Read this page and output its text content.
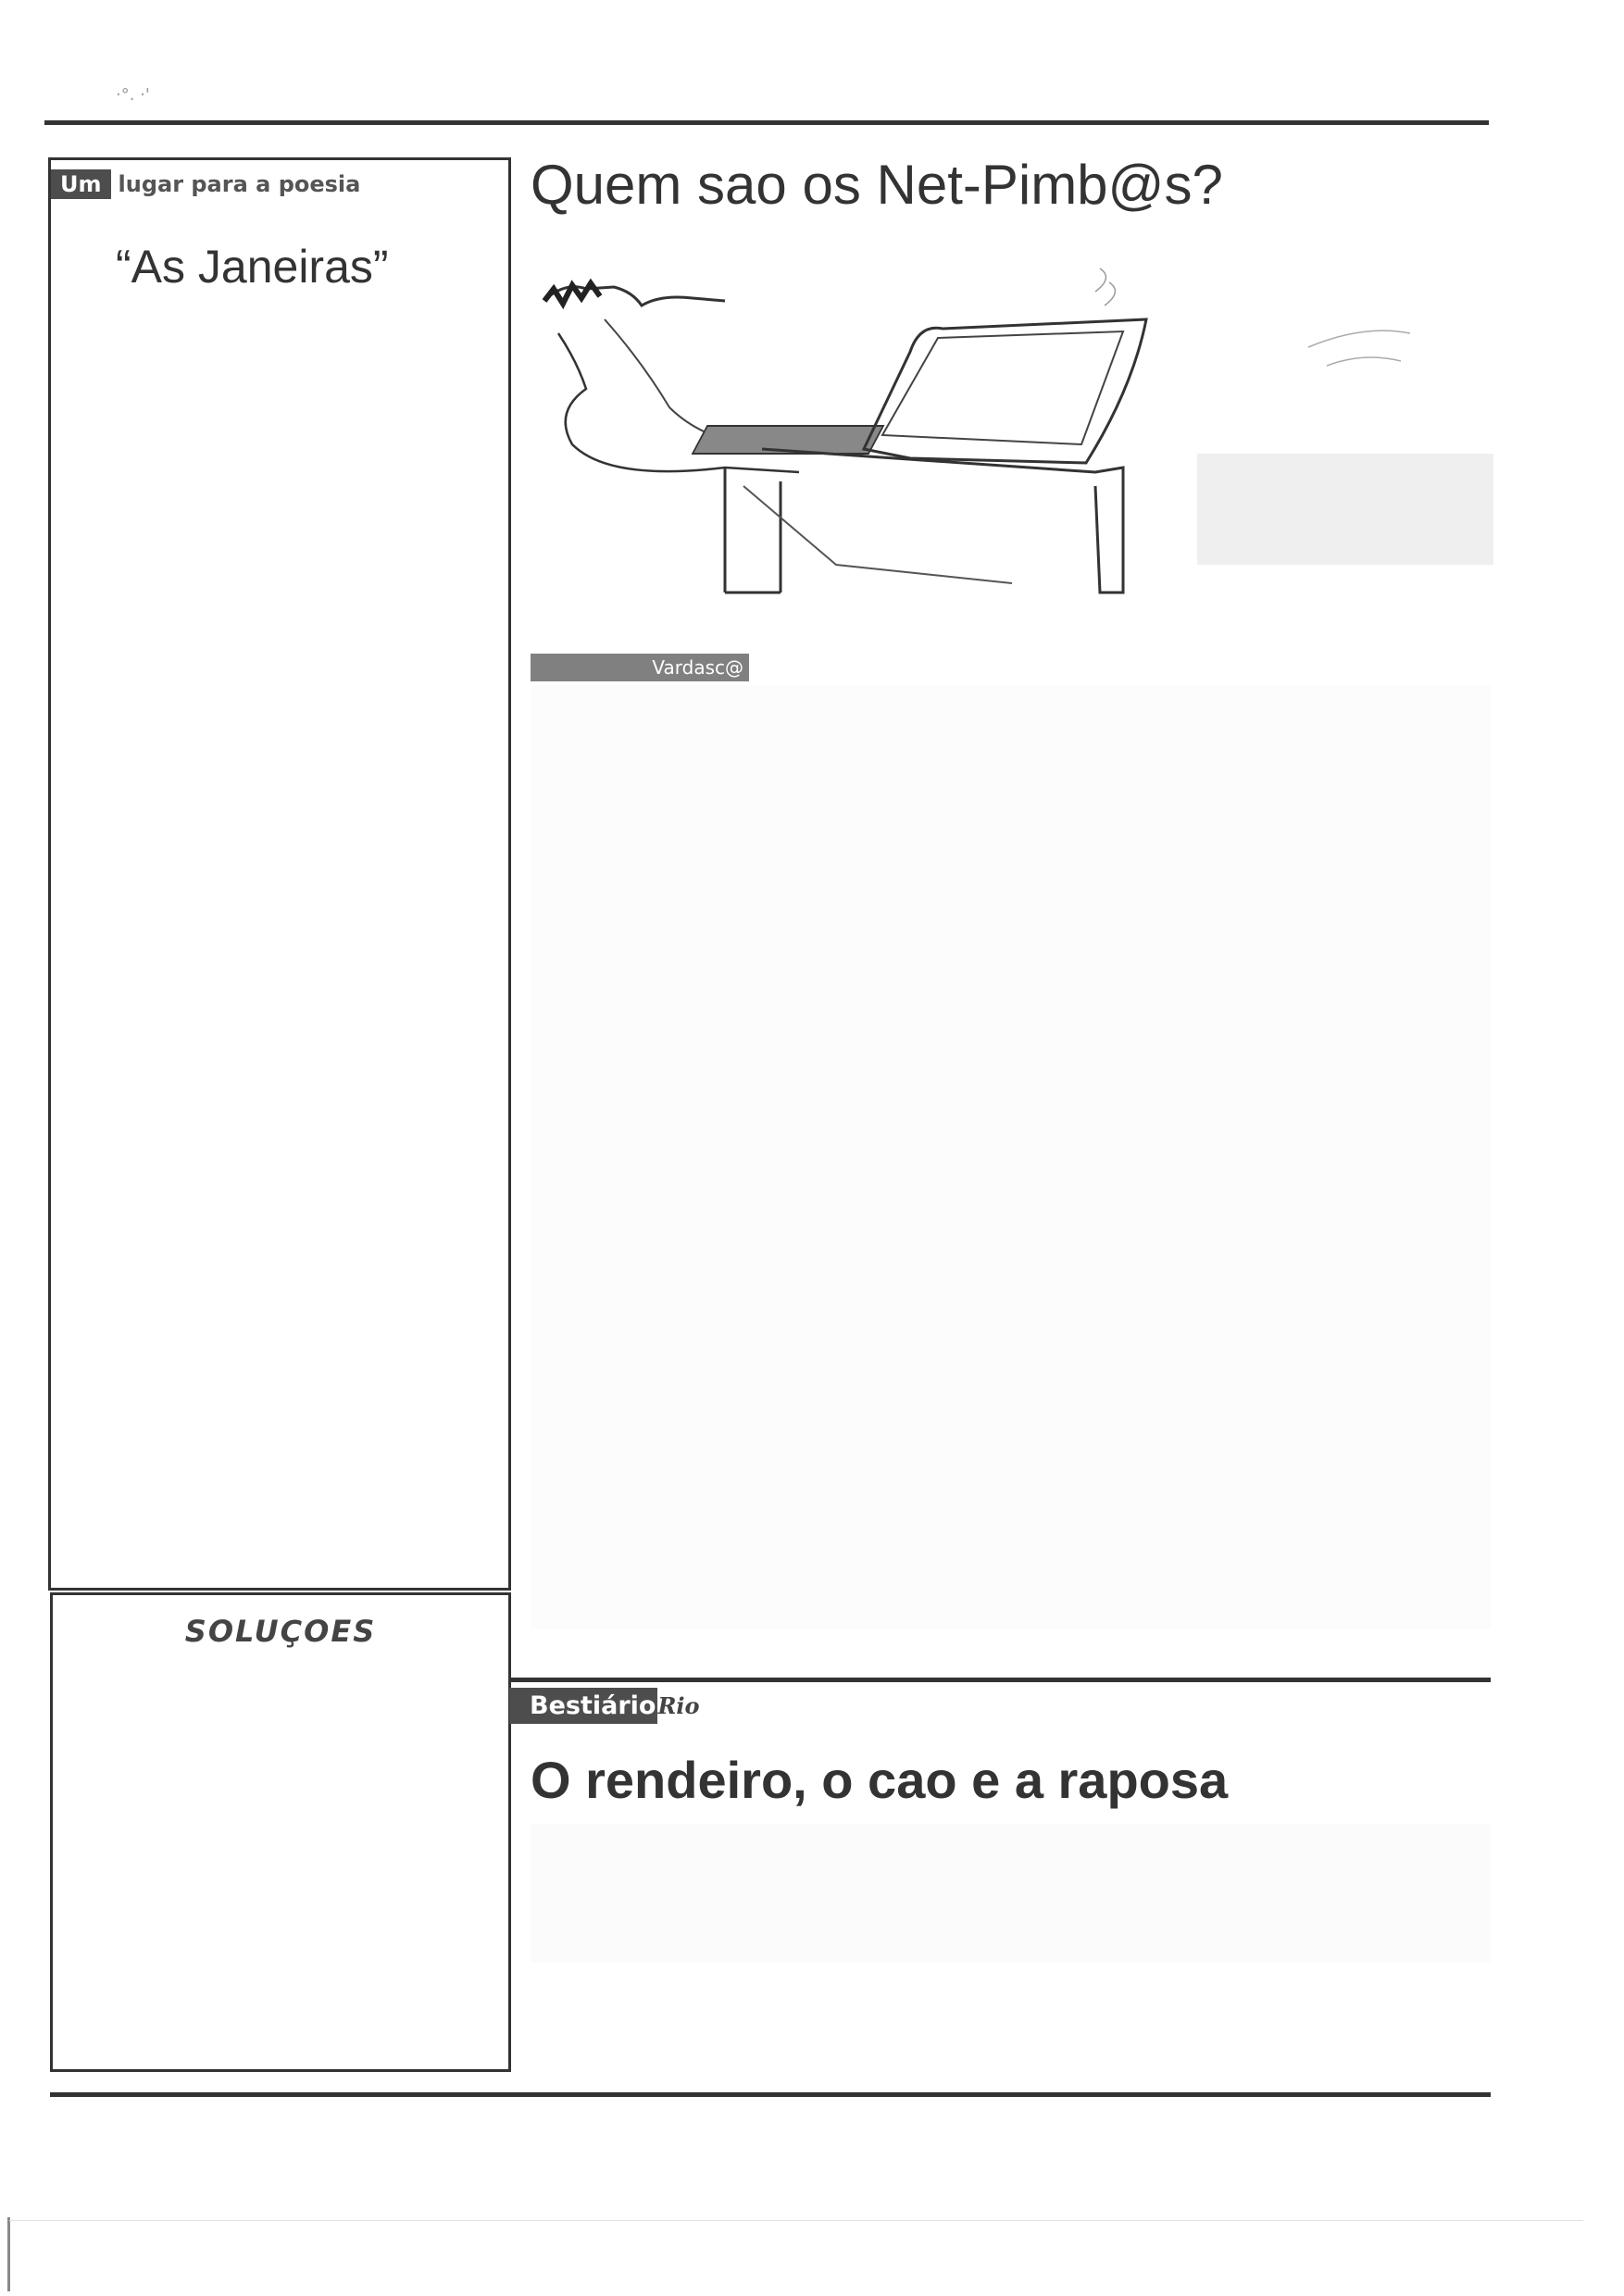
·°. ·'
Um lugar para a poesia
“As Janeiras”
Quem sao os Net-Pimb@s?
Vardasc@
SOLUÇOES
Bestiário Rio
O rendeiro, o cao e a raposa
